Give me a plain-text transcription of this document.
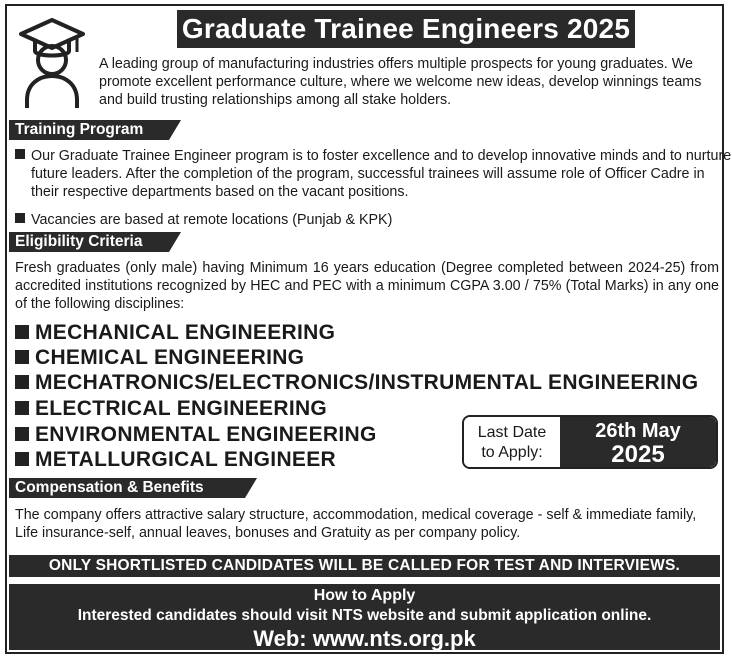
Graduate Trainee Engineers 2025
A leading group of manufacturing industries offers multiple prospects for young graduates. We promote excellent performance culture, where we welcome new ideas, develop winnings teams and build trusting relationships among all stake holders.
Training Program
Our Graduate Trainee Engineer program is to foster excellence and to develop innovative minds and to nurture future leaders. After the completion of the program, successful trainees will assume role of Officer Cadre in their respective departments based on the vacant positions.
Vacancies are based at remote locations (Punjab & KPK)
Eligibility Criteria
Fresh graduates (only male) having Minimum 16 years education (Degree completed between 2024-25) from accredited institutions recognized by HEC and PEC with a minimum CGPA 3.00 / 75% (Total Marks) in any one of the following disciplines:
MECHANICAL ENGINEERING
CHEMICAL ENGINEERING
MECHATRONICS/ELECTRONICS/INSTRUMENTAL ENGINEERING
ELECTRICAL ENGINEERING
ENVIRONMENTAL ENGINEERING
METALLURGICAL ENGINEER
Last Date
to Apply:
26th May
2025
Compensation & Benefits
The company offers attractive salary structure, accommodation, medical coverage - self & immediate family, Life insurance-self, annual leaves, bonuses and Gratuity as per company policy.
ONLY SHORTLISTED CANDIDATES WILL BE CALLED FOR TEST AND INTERVIEWS.
How to Apply
Interested candidates should visit NTS website and submit application online.
Web: www.nts.org.pk
